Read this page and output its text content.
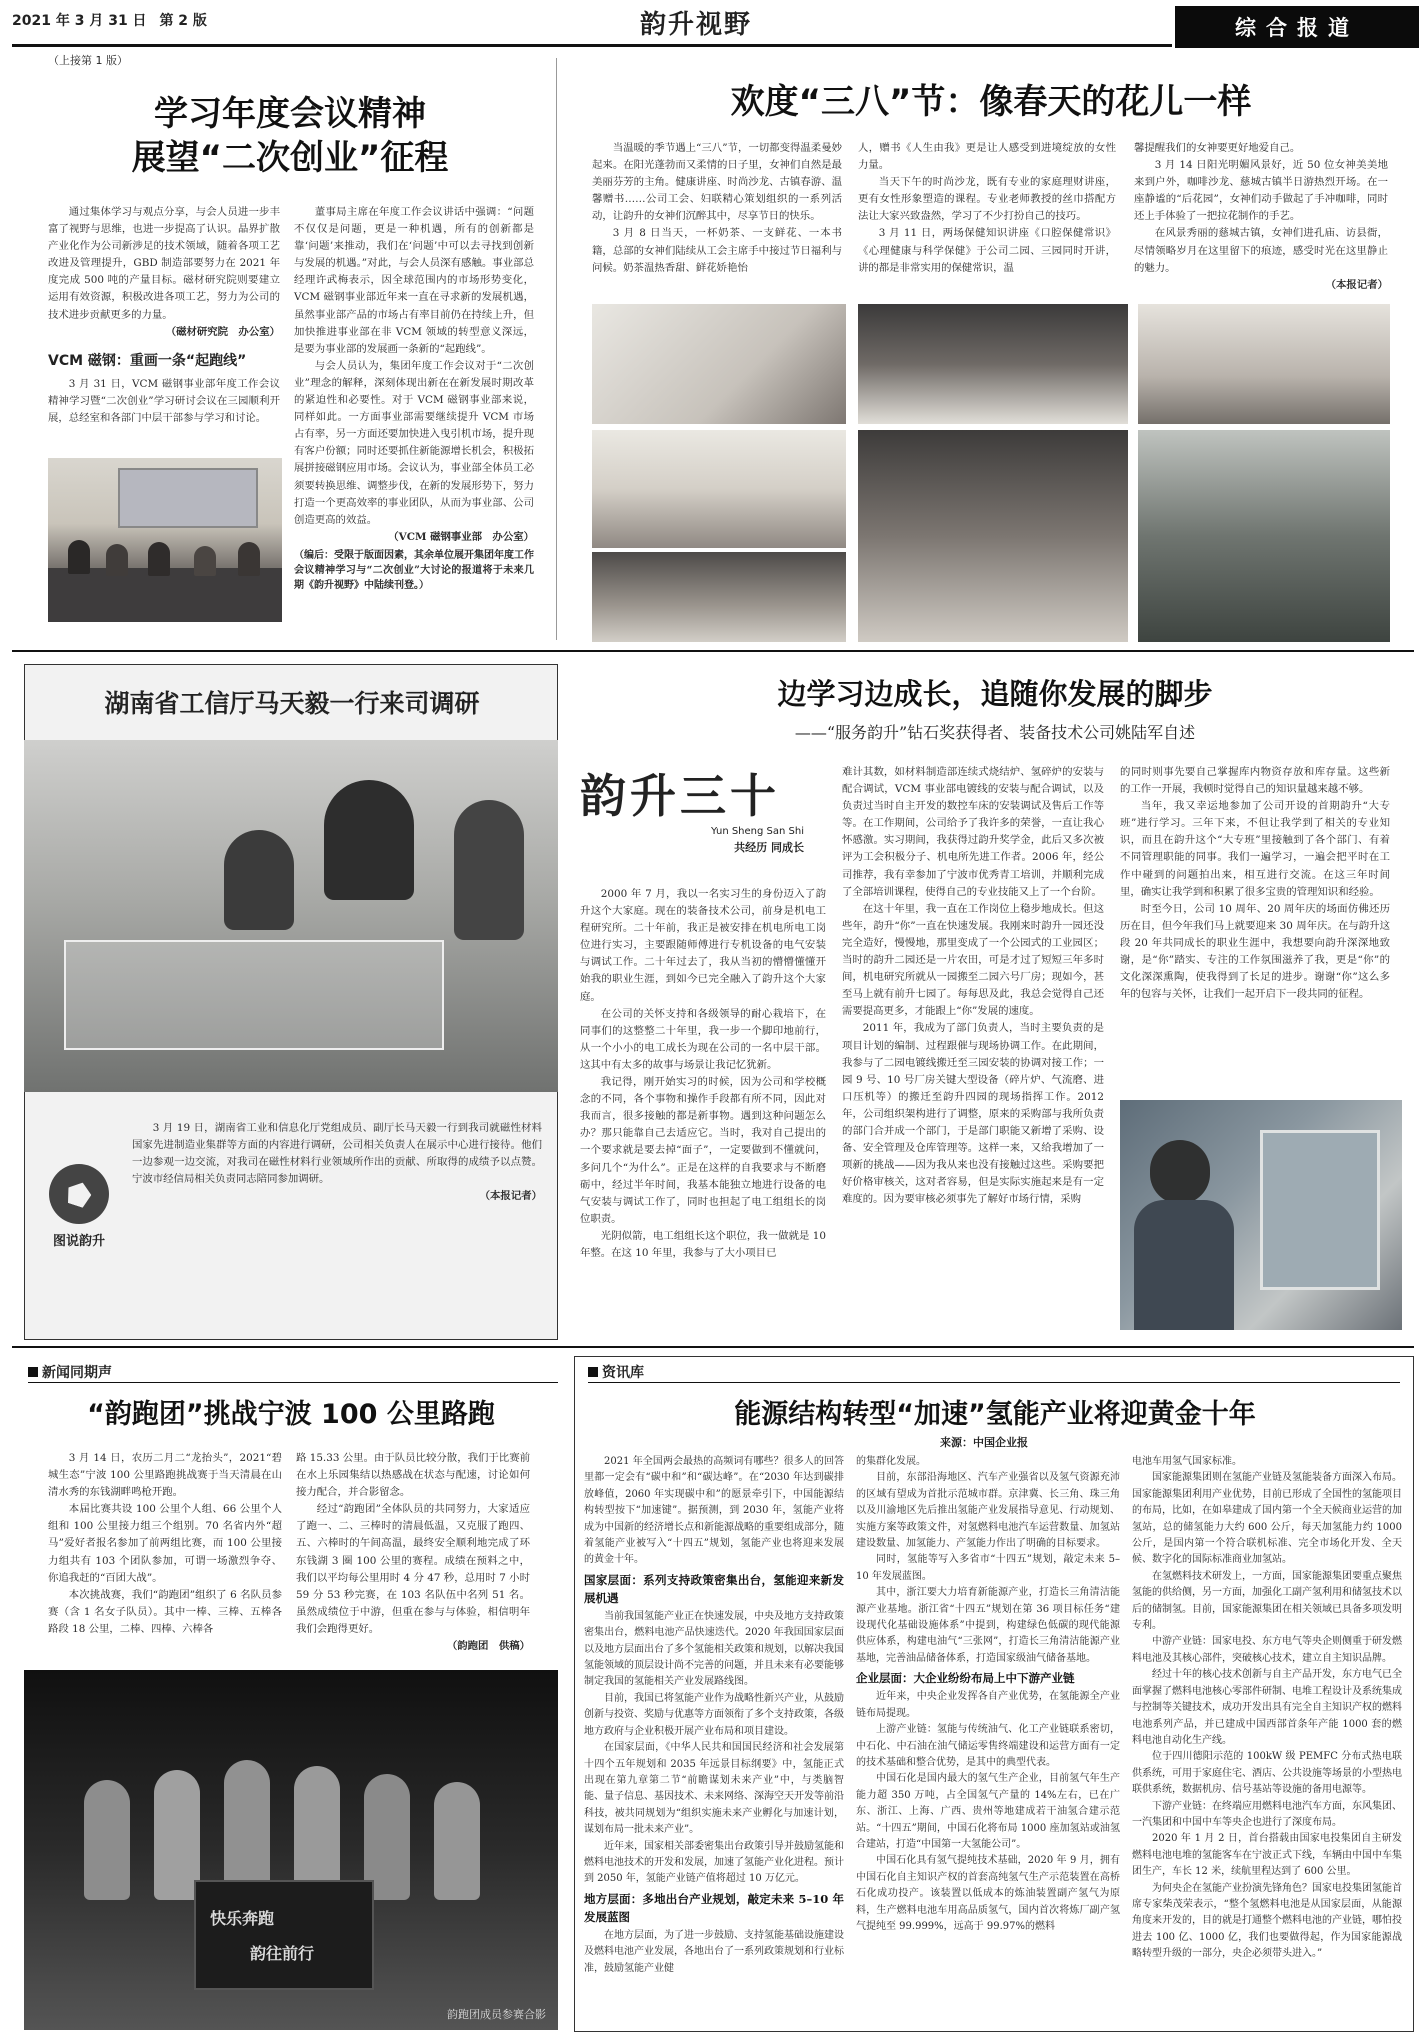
2021 年 3 月 31 日 第 2 版	韵升视野	综合报道
（上接第 1 版）
学习年度会议精神
展望“二次创业”征程

通过集体学习与观点分享，与会人员进一步丰富了视野与思维，也进一步提高了认识。晶界扩散产业化作为公司新涉足的技术领域，随着各项工艺改进及管理提升，GBD 制造部要努力在 2021 年度完成 500 吨的产量目标。磁材研究院则要建立运用有效资源，积极改进各项工艺，努力为公司的技术进步贡献更多的力量。

（磁材研究院　办公室）

VCM 磁钢：重画一条“起跑线”

3 月 31 日，VCM 磁钢事业部年度工作会议精神学习暨“二次创业”学习研讨会议在三园顺利开展，总经室和各部门中层干部参与学习和讨论。

董事局主席在年度工作会议讲话中强调：“问题不仅仅是问题，更是一种机遇，所有的创新都是靠‘问题’来推动，我们在‘问题’中可以去寻找到创新与发展的机遇。”对此，与会人员深有感触。事业部总经理许武梅表示，因全球范围内的市场形势变化，VCM 磁钢事业部近年来一直在寻求新的发展机遇，虽然事业部产品的市场占有率目前仍在持续上升，但加快推进事业部在非 VCM 领域的转型意义深远，是要为事业部的发展画一条新的“起跑线”。

与会人员认为，集团年度工作会议对于“二次创业”理念的解释，深刻体现出新在在新发展时期改革的紧迫性和必要性。对于 VCM 磁钢事业部来说，同样如此。一方面事业部需要继续提升 VCM 市场占有率，另一方面还要加快进入曳引机市场，提升现有客户份额；同时还要抓住新能源增长机会，积极拓展拼接磁钢应用市场。会议认为，事业部全体员工必须要转换思维、调整步伐，在新的发展形势下，努力打造一个更高效率的事业团队，从而为事业部、公司创造更高的效益。

（VCM 磁钢事业部　办公室）

（编后：受限于版面因素，其余单位展开集团年度工作会议精神学习与“二次创业”大讨论的报道将于未来几期《韵升视野》中陆续刊登。）

欢度“三八”节：像春天的花儿一样

当温暖的季节遇上“三八”节，一切都变得温柔曼妙起来。在阳光蓬勃而又柔情的日子里，女神们自然是最美丽芬芳的主角。健康讲座、时尚沙龙、古镇春游、温馨赠书……公司工会、妇联精心策划组织的一系列活动，让韵升的女神们沉醉其中，尽享节日的快乐。

3 月 8 日当天，一杯奶茶、一支鲜花、一本书籍，总部的女神们陆续从工会主席手中接过节日福利与问候。奶茶温热香甜、鲜花娇艳怡

人，赠书《人生由我》更是让人感受到进境绽放的女性力量。

当天下午的时尚沙龙，既有专业的家庭理财讲座，更有女性形象塑造的课程。专业老师教授的丝巾搭配方法让大家兴致盎然，学习了不少打扮自己的技巧。

3 月 11 日，两场保健知识讲座《口腔保健常识》《心理健康与科学保健》于公司二园、三园同时开讲，讲的都是非常实用的保健常识，温

馨提醒我们的女神要更好地爱自己。

3 月 14 日阳光明媚风景好，近 50 位女神美美地来到户外，咖啡沙龙、慈城古镇半日游热烈开场。在一座静谧的“后花园”，女神们动手做起了手冲咖啡，同时还上手体验了一把拉花制作的手艺。

在风景秀丽的慈城古镇，女神们进孔庙、访县衙，尽情领略岁月在这里留下的痕迹，感受时光在这里静止的魅力。

（本报记者）

湖南省工信厅马天毅一行来司调研
图说韵升

3 月 19 日，湖南省工业和信息化厅党组成员、副厅长马天毅一行到我司就磁性材料国家先进制造业集群等方面的内容进行调研，公司相关负责人在展示中心进行接待。他们一边参观一边交流，对我司在磁性材料行业领域所作出的贡献、所取得的成绩予以点赞。宁波市经信局相关负责同志陪同参加调研。

（本报记者）

边学习边成长，追随你发展的脚步
——“服务韵升”钻石奖获得者、装备技术公司姚陆军自述
韵升三十
Yun Sheng San Shi
共经历 同成长

2000 年 7 月，我以一名实习生的身份迈入了韵升这个大家庭。现在的装备技术公司，前身是机电工程研究所。二十年前，我正是被安排在机电所电工岗位进行实习，主要跟随师傅进行专机设备的电气安装与调试工作。二十年过去了，我从当初的懵懵懂懂开始我的职业生涯，到如今已完全融入了韵升这个大家庭。

在公司的关怀支持和各级领导的耐心栽培下，在同事们的这整整二十年里，我一步一个脚印地前行，从一个小小的电工成长为现在公司的一名中层干部。这其中有太多的故事与场景让我记忆犹新。

我记得，刚开始实习的时候，因为公司和学校概念的不同，各个事物和操作手段都有所不同，因此对我而言，很多接触的都是新事物。遇到这种问题怎么办？那只能靠自己去适应它。当时，我对自己提出的一个要求就是要去掉“面子”，一定要做到不懂就问，多问几个“为什么”。正是在这样的自我要求与不断磨砺中，经过半年时间，我基本能独立地进行设备的电气安装与调试工作了，同时也担起了电工组组长的岗位职责。

光阴似箭，电工组组长这个职位，我一做就是 10 年整。在这 10 年里，我参与了大小项目已

难计其数，如材料制造部连续式烧结炉、氢碎炉的安装与配合调试，VCM 事业部电镀线的安装与配合调试，以及负责过当时自主开发的数控车床的安装调试及售后工作等等。在工作期间，公司给予了我许多的荣誉，一直让我心怀感激。实习期间，我获得过韵升奖学金，此后又多次被评为工会积极分子、机电所先进工作者。2006 年，经公司推荐，我有幸参加了宁波市优秀青工培训，并顺利完成了全部培训课程，使得自己的专业技能又上了一个台阶。

在这十年里，我一直在工作岗位上稳步地成长。但这些年，韵升“你”一直在快速发展。我刚来时韵升一园还没完全造好，慢慢地，那里变成了一个公园式的工业园区；当时的韵升二园还是一片农田，可是才过了短短三年多时间，机电研究所就从一园搬至二园六号厂房；现如今，甚至马上就有前升七园了。每每思及此，我总会觉得自己还需要提高更多，才能跟上“你”发展的速度。

2011 年，我成为了部门负责人，当时主要负责的是项目计划的编制、过程跟催与现场协调工作。在此期间，我参与了二园电镀线搬迁至三园安装的协调对接工作；一园 9 号、10 号厂房关键大型设备（碎片炉、气流磨、进口压机等）的搬迁至韵升四园的现场指挥工作。2012 年，公司组织架构进行了调整，原来的采购部与我所负责的部门合并成一个部门，于是部门职能又新增了采购、设备、安全管理及仓库管理等。这样一来，又给我增加了一项新的挑战——因为我从来也没有接触过这些。采购要把好价格审核关，这对者容易，但是实际实施起来是有一定难度的。因为要审核必须事先了解好市场行情，采购

的同时则事先要自己掌握库内物资存放和库存量。这些新的工作一开展，我顿时觉得自己的知识量越来越不够。

当年，我又幸运地参加了公司开设的首期韵升“大专班”进行学习。三年下来，不但让我学到了相关的专业知识，而且在韵升这个“大专班”里接触到了各个部门、有着不同管理职能的同事。我们一遍学习，一遍会把平时在工作中碰到的问题拍出来，相互进行交流。在这三年时间里，确实让我学到和积累了很多宝贵的管理知识和经验。

时至今日，公司 10 周年、20 周年庆的场面仿佛还历历在目，但今年我们马上就要迎来 30 周年庆。在与韵升这段 20 年共同成长的职业生涯中，我想要向韵升深深地致谢，是“你”踏实、专注的工作氛围滋养了我，更是“你”的文化深深熏陶，使我得到了长足的进步。谢谢“你”这么多年的包容与关怀，让我们一起开启下一段共同的征程。

新闻同期声
“韵跑团”挑战宁波 100 公里路跑

3 月 14 日，农历二月二“龙抬头”，2021“碧城生态”宁波 100 公里路跑挑战赛于当天清晨在山清水秀的东钱湖畔鸣枪开跑。

本届比赛共设 100 公里个人组、66 公里个人组和 100 公里接力组三个组别。70 名省内外“超马”爱好者报名参加了前两组比赛，而 100 公里接力组共有 103 个团队参加，可谓一场激烈争夺、你追我赶的“百团大战”。

本次挑战赛，我们“韵跑团”组织了 6 名队员参赛（含 1 名女子队员）。其中一棒、三棒、五棒各路段 18 公里，二棒、四棒、六棒各

路 15.33 公里。由于队员比较分散，我们于比赛前在水上乐园集结以热感战在状态与配速，讨论如何接力配合，并合影留念。

经过“韵跑团”全体队员的共同努力，大家适应了跑一、二、三棒时的清晨低温，又克服了跑四、五、六棒时的午间高温，最终安全顺利地完成了环东钱湖 3 圈 100 公里的赛程。成绩在预料之中，我们以平均每公里用时 4 分 47 秒，总用时 7 小时 59 分 53 秒完赛，在 103 名队伍中名列 51 名。虽然成绩位于中游，但重在参与与体验，相信明年我们会跑得更好。

（韵跑团　供稿）

快乐奔跑
韵往前行
韵跑团成员参赛合影
资讯库
能源结构转型“加速”氢能产业将迎黄金十年
来源：中国企业报

2021 年全国两会最热的高频词有哪些？很多人的回答里都一定会有“碳中和”和“碳达峰”。在“2030 年达到碳排放峰值，2060 年实现碳中和”的愿景牵引下，中国能源结构转型按下“加速键”。据预测，到 2030 年，氢能产业将成为中国新的经济增长点和新能源战略的重要组成部分，随着氢能产业被写入“十四五”规划，氢能产业也将迎来发展的黄金十年。

国家层面：系列支持政策密集出台，氢能迎来新发展机遇

当前我国氢能产业正在快速发展，中央及地方支持政策密集出台，燃料电池产品快速迭代。2020 年我国国家层面以及地方层面出台了多个氢能相关政策和规划，以解决我国氢能领域的顶层设计尚不完善的问题，并且未来有必要能够制定我国的氢能相关产业发展路线图。

目前，我国已将氢能产业作为战略性新兴产业，从鼓励创新与投资、奖励与优惠等方面领衔了多个支持政策，各级地方政府与企业积极开展产业布局和项目建设。

在国家层面，《中华人民共和国国民经济和社会发展第十四个五年规划和 2035 年远景目标纲要》中，氢能正式出现在第九章第二节“前瞻谋划未来产业”中，与类脑智能、量子信息、基因技术、未来网络、深海空天开发等前沿科技，被共同规划为“组织实施未来产业孵化与加速计划，谋划布局一批未来产业”。

近年来，国家相关部委密集出台政策引导并鼓励氢能和燃料电池技术的开发和发展，加速了氢能产业化进程。预计到 2050 年，氢能产业链产值将超过 10 万亿元。

地方层面：多地出台产业规划，敲定未来 5–10 年发展蓝图

在地方层面，为了进一步鼓励、支持氢能基础设施建设及燃料电池产业发展，各地出台了一系列政策规划和行业标准，鼓励氢能产业健

的集群化发展。

目前，东部沿海地区、汽车产业强省以及氢气资源充沛的区域有望成为首批示范城市群。京津冀、长三角、珠三角以及川渝地区先后推出氢能产业发展指导意见、行动规划、实施方案等政策文件，对氢燃料电池汽车运营数量、加氢站建设数量、加氢能力、产氢能力作出了明确的目标要求。

同时，氢能等写入多省市“十四五”规划，敲定未来 5–10 年发展蓝图。

其中，浙江要大力培育新能源产业，打造长三角清洁能源产业基地。浙江省“十四五”规划在第 36 项目标任务“建设现代化基础设施体系”中提到，构建绿色低碳的现代能源供应体系，构建电油气“三张网”，打造长三角清洁能源产业基地，完善油品储备体系，打造国家级油气储备基地。

企业层面：大企业纷纷布局上中下游产业链

近年来，中央企业发挥各自产业优势，在氢能源全产业链布局提现。

上游产业链：氢能与传统油气、化工产业链联系密切，中石化、中石油在油气储运零售终端建设和运营方面有一定的技术基础和整合优势，是其中的典型代表。

中国石化是国内最大的氢气生产企业，目前氢气年生产能力超 350 万吨，占全国氢气产量的 14%左右，已在广东、浙江、上海、广西、贵州等地建成若干油氢合建示范站。“十四五”期间，中国石化将布局 1000 座加氢站或油氢合建站，打造“中国第一大氢能公司”。

中国石化具有氢气提纯技术基础，2020 年 9 月，拥有中国石化自主知识产权的首套高纯氢气生产示范装置在高桥石化成功投产。该装置以低成本的炼油装置副产氢气为原料，生产燃料电池车用高品质氢气，国内首次将炼厂副产氢气提纯至 99.999%，远高于 99.97%的燃料

电池车用氢气国家标准。

国家能源集团则在氢能产业链及氢能装备方面深入布局。国家能源集团利用产业优势，目前已形成了全国性的氢能项目的布局，比如，在如皋建成了国内第一个全天候商业运营的加氢站，总的储氢能力大约 600 公斤，每天加氢能力约 1000 公斤，是国内第一个符合联机标准、完全市场化开发、全天候、数字化的国际标准商业加氢站。

在氢燃料技术研发上，一方面，国家能源集团要重点聚焦氢能的供给侧，另一方面，加强化工副产氢利用和储氢技术以后的储制氢。目前，国家能源集团在相关领域已具备多项发明专利。

中游产业链：国家电投、东方电气等央企则侧重于研发燃料电池及其核心部件，突破核心技术，建立自主知识品牌。

经过十年的核心技术创新与自主产品开发，东方电气已全面掌握了燃料电池核心零部件研制、电堆工程设计及系统集成与控制等关键技术，成功开发出具有完全自主知识产权的燃料电池系列产品，并已建成中国西部首条年产能 1000 套的燃料电池自动化生产线。

位于四川德阳示范的 100kW 级 PEMFC 分布式热电联供系统，可用于家庭住宅、酒店、公共设施等场景的小型热电联供系统，数据机房、信号基站等设施的备用电源等。

下游产业链：在终端应用燃料电池汽车方面，东风集团、一汽集团和中国中车等央企也进行了深度布局。

2020 年 1 月 2 日，首台搭载由国家电投集团自主研发燃料电池电堆的氢能客车在宁波正式下线，车辆由中国中车集团生产，车长 12 米，续航里程达到了 600 公里。

为何央企在氢能产业扮演先锋角色？国家电投集团氢能首席专家柴茂荣表示，“整个氢燃料电池是从国家层面，从能源角度来开发的，目的就是打通整个燃料电池的产业链，哪怕投进去 100 亿、1000 亿，我们也要做得起，作为国家能源战略转型升级的一部分，央企必须带头进入。”
